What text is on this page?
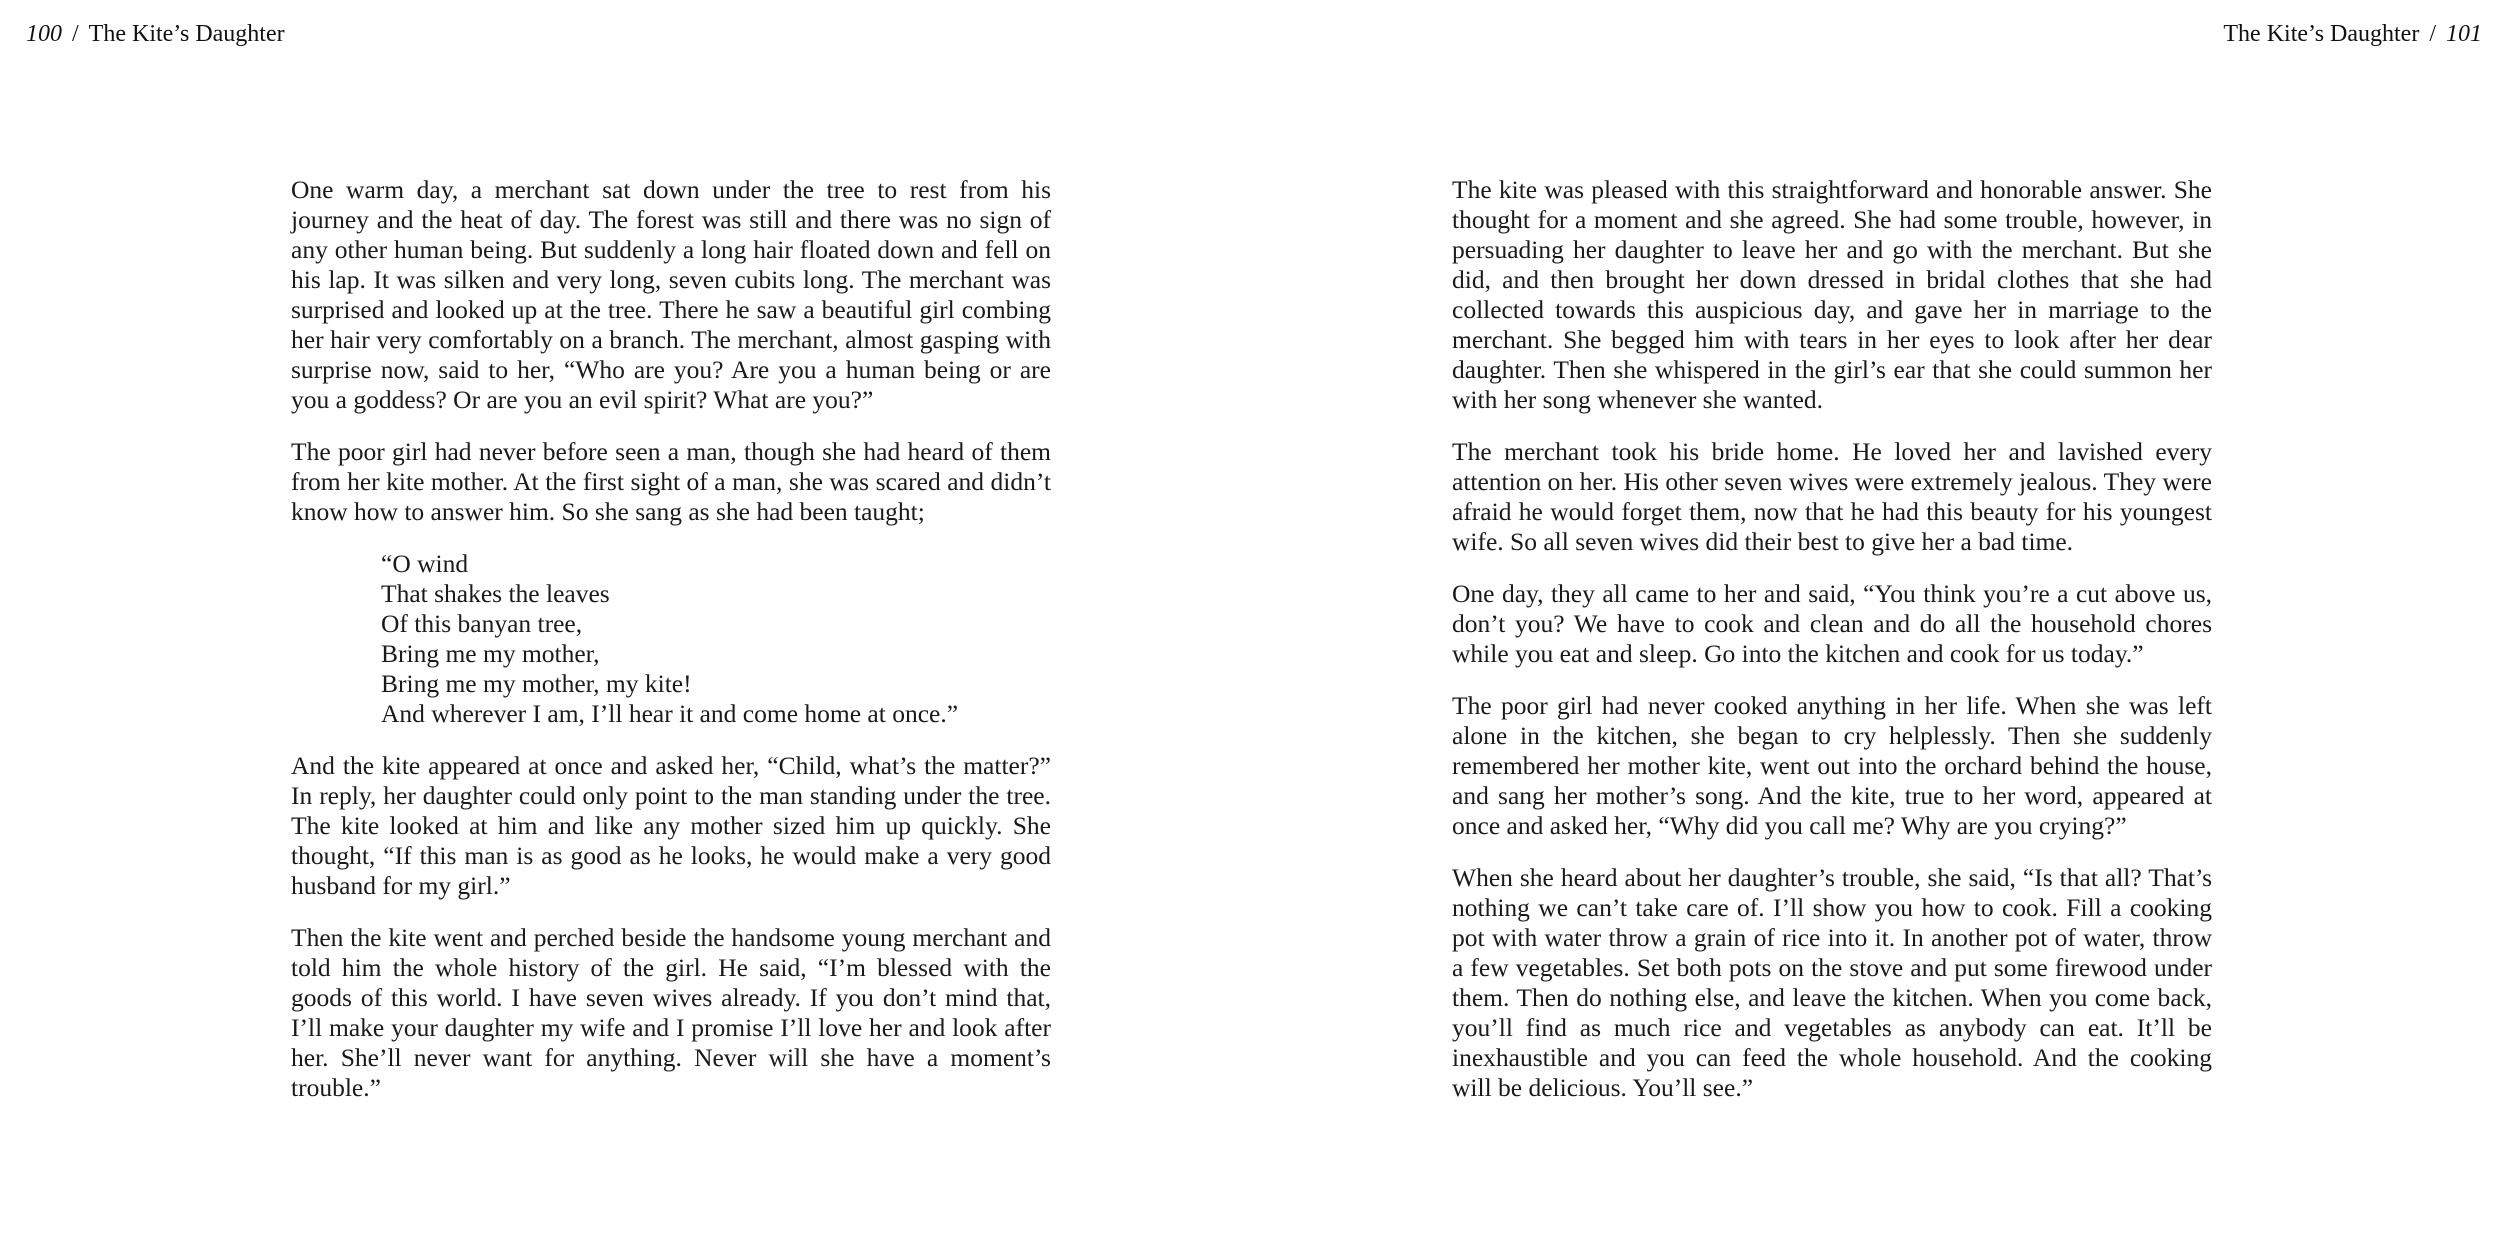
100 / The Kite’s Daughter

One warm day, a merchant sat down under the tree to rest from his journey and the heat of day. The forest was still and there was no sign of any other human being. But suddenly a long hair floated down and fell on his lap. It was silken and very long, seven cubits long. The merchant was surprised and looked up at the tree. There he saw a beautiful girl combing her hair very comfortably on a branch. The merchant, almost gasping with surprise now, said to her, “Who are you? Are you a human being or are you a goddess? Or are you an evil spirit? What are you?”

The poor girl had never before seen a man, though she had heard of them from her kite mother. At the first sight of a man, she was scared and didn’t know how to answer him. So she sang as she had been taught;

“O wind
That shakes the leaves
Of this banyan tree,
Bring me my mother,
Bring me my mother, my kite!
And wherever I am, I’ll hear it and come home at once.”

And the kite appeared at once and asked her, “Child, what’s the matter?” In reply, her daughter could only point to the man standing under the tree. The kite looked at him and like any mother sized him up quickly. She thought, “If this man is as good as he looks, he would make a very good husband for my girl.”

Then the kite went and perched beside the handsome young merchant and told him the whole history of the girl. He said, “I’m blessed with the goods of this world. I have seven wives already. If you don’t mind that, I’ll make your daughter my wife and I promise I’ll love her and look after her. She’ll never want for anything. Never will she have a moment’s trouble.”

The Kite’s Daughter / 101

The kite was pleased with this straightforward and honorable answer. She thought for a moment and she agreed. She had some trouble, however, in persuading her daughter to leave her and go with the merchant. But she did, and then brought her down dressed in bridal clothes that she had collected towards this auspicious day, and gave her in marriage to the merchant. She begged him with tears in her eyes to look after her dear daughter. Then she whispered in the girl’s ear that she could summon her with her song whenever she wanted.

The merchant took his bride home. He loved her and lavished every attention on her. His other seven wives were extremely jealous. They were afraid he would forget them, now that he had this beauty for his youngest wife. So all seven wives did their best to give her a bad time.

One day, they all came to her and said, “You think you’re a cut above us, don’t you? We have to cook and clean and do all the household chores while you eat and sleep. Go into the kitchen and cook for us today.”

The poor girl had never cooked anything in her life. When she was left alone in the kitchen, she began to cry helplessly. Then she suddenly remembered her mother kite, went out into the orchard behind the house, and sang her mother’s song. And the kite, true to her word, appeared at once and asked her, “Why did you call me? Why are you crying?”

When she heard about her daughter’s trouble, she said, “Is that all? That’s nothing we can’t take care of. I’ll show you how to cook. Fill a cooking pot with water throw a grain of rice into it. In another pot of water, throw a few vegetables. Set both pots on the stove and put some firewood under them. Then do nothing else, and leave the kitchen. When you come back, you’ll find as much rice and vegetables as anybody can eat. It’ll be inexhaustible and you can feed the whole household. And the cooking will be delicious. You’ll see.”
